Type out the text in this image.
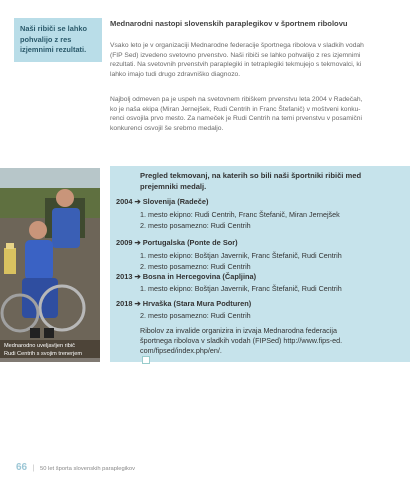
Naši ribiči se lahko
pohvalijo z res
izjemnimi rezultati.
Mednarodni nastopi slovenskih paraplegikov v športnem ribolovu

Vsako leto je v organizaciji Mednarodne federacije športnega ribolova v sladkih vodah
(FIP Sed) izvedeno svetovno prvenstvo. Naši ribiči se lahko pohvalijo z res izjemnimi
rezultati. Na svetovnih prvenstvih paraplegiki in tetraplegiki tekmujejo s tekmovalci, ki
lahko imajo tudi drugo zdravniško diagnozo.

Najbolj odmeven pa je uspeh na svetovnem ribiškem prvenstvu leta 2004 v Radečah,
ko je naša ekipa (Miran Jernejšek, Rudi Centrih in Franc Štefanič) v moštveni konku-
renci osvojila prvo mesto. Za nameček je Rudi Centrih na temi prvenstvu v posamični
konkurenci osvojil še srebrno medaljo.

Mednarodno uveljavljen ribič
Rudi Centrih s svojim trenerjem
Pregled tekmovanj, na katerih so bili naši športniki ribiči med
prejemniki medalj.
2004 ➔ Slovenija (Radeče)
1. mesto ekipno: Rudi Centrih, Franc Štefanič, Miran Jernejšek
2. mesto posamezno: Rudi Centrih
2009 ➔ Portugalska (Ponte de Sor)
1. mesto ekipno: Boštjan Javernik, Franc Štefanič, Rudi Centrih
2. mesto posamezno: Rudi Centrih
2013 ➔ Bosna in Hercegovina (Čapljina)
1. mesto ekipno: Boštjan Javernik, Franc Štefanič, Rudi Centrih
2018 ➔ Hrvaška (Stara Mura Podturen)
2. mesto posamezno: Rudi Centrih
Ribolov za invalide organizira in izvaja Mednarodna federacija
športnega ribolova v sladkih vodah (FIPSed) http://www.fips-ed.
com/fipsed/index.php/en/.
66 | 50 let športa slovenskih paraplegikov
